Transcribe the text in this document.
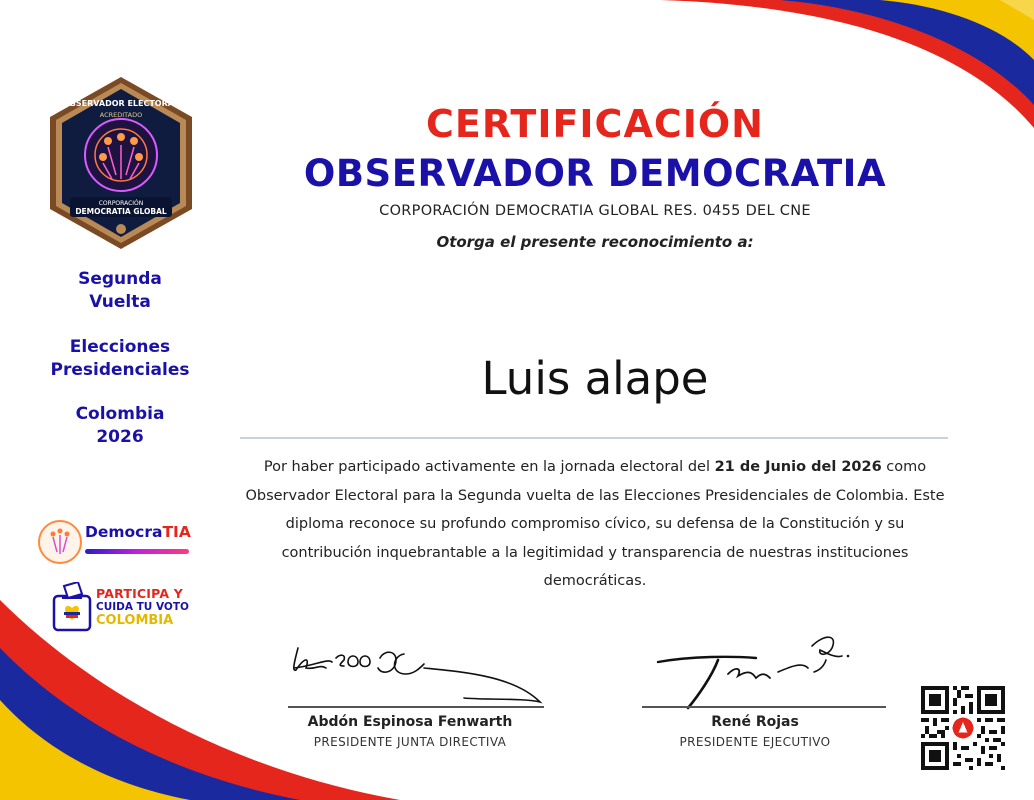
OBSERVADOR ELECTORAL
ACREDITADO
CORPORACIÓN
DEMOCRATIA GLOBAL
Segunda
Vuelta
Elecciones
Presidenciales
Colombia
2026
DemocraTIA
PARTICIPA Y
CUIDA TU VOTO
COLOMBIA
CERTIFICACIÓN
OBSERVADOR DEMOCRATIA
CORPORACIÓN DEMOCRATIA GLOBAL RES. 0455 DEL CNE
Otorga el presente reconocimiento a:
Luis alape
Por haber participado activamente en la jornada electoral del 21 de Junio del 2026 como Observador Electoral para la Segunda vuelta de las Elecciones Presidenciales de Colombia. Este diploma reconoce su profundo compromiso cívico, su defensa de la Constitución y su contribución inquebrantable a la legitimidad y transparencia de nuestras instituciones democráticas.
Abdón Espinosa Fenwarth
PRESIDENTE JUNTA DIRECTIVA
René Rojas
PRESIDENTE EJECUTIVO
